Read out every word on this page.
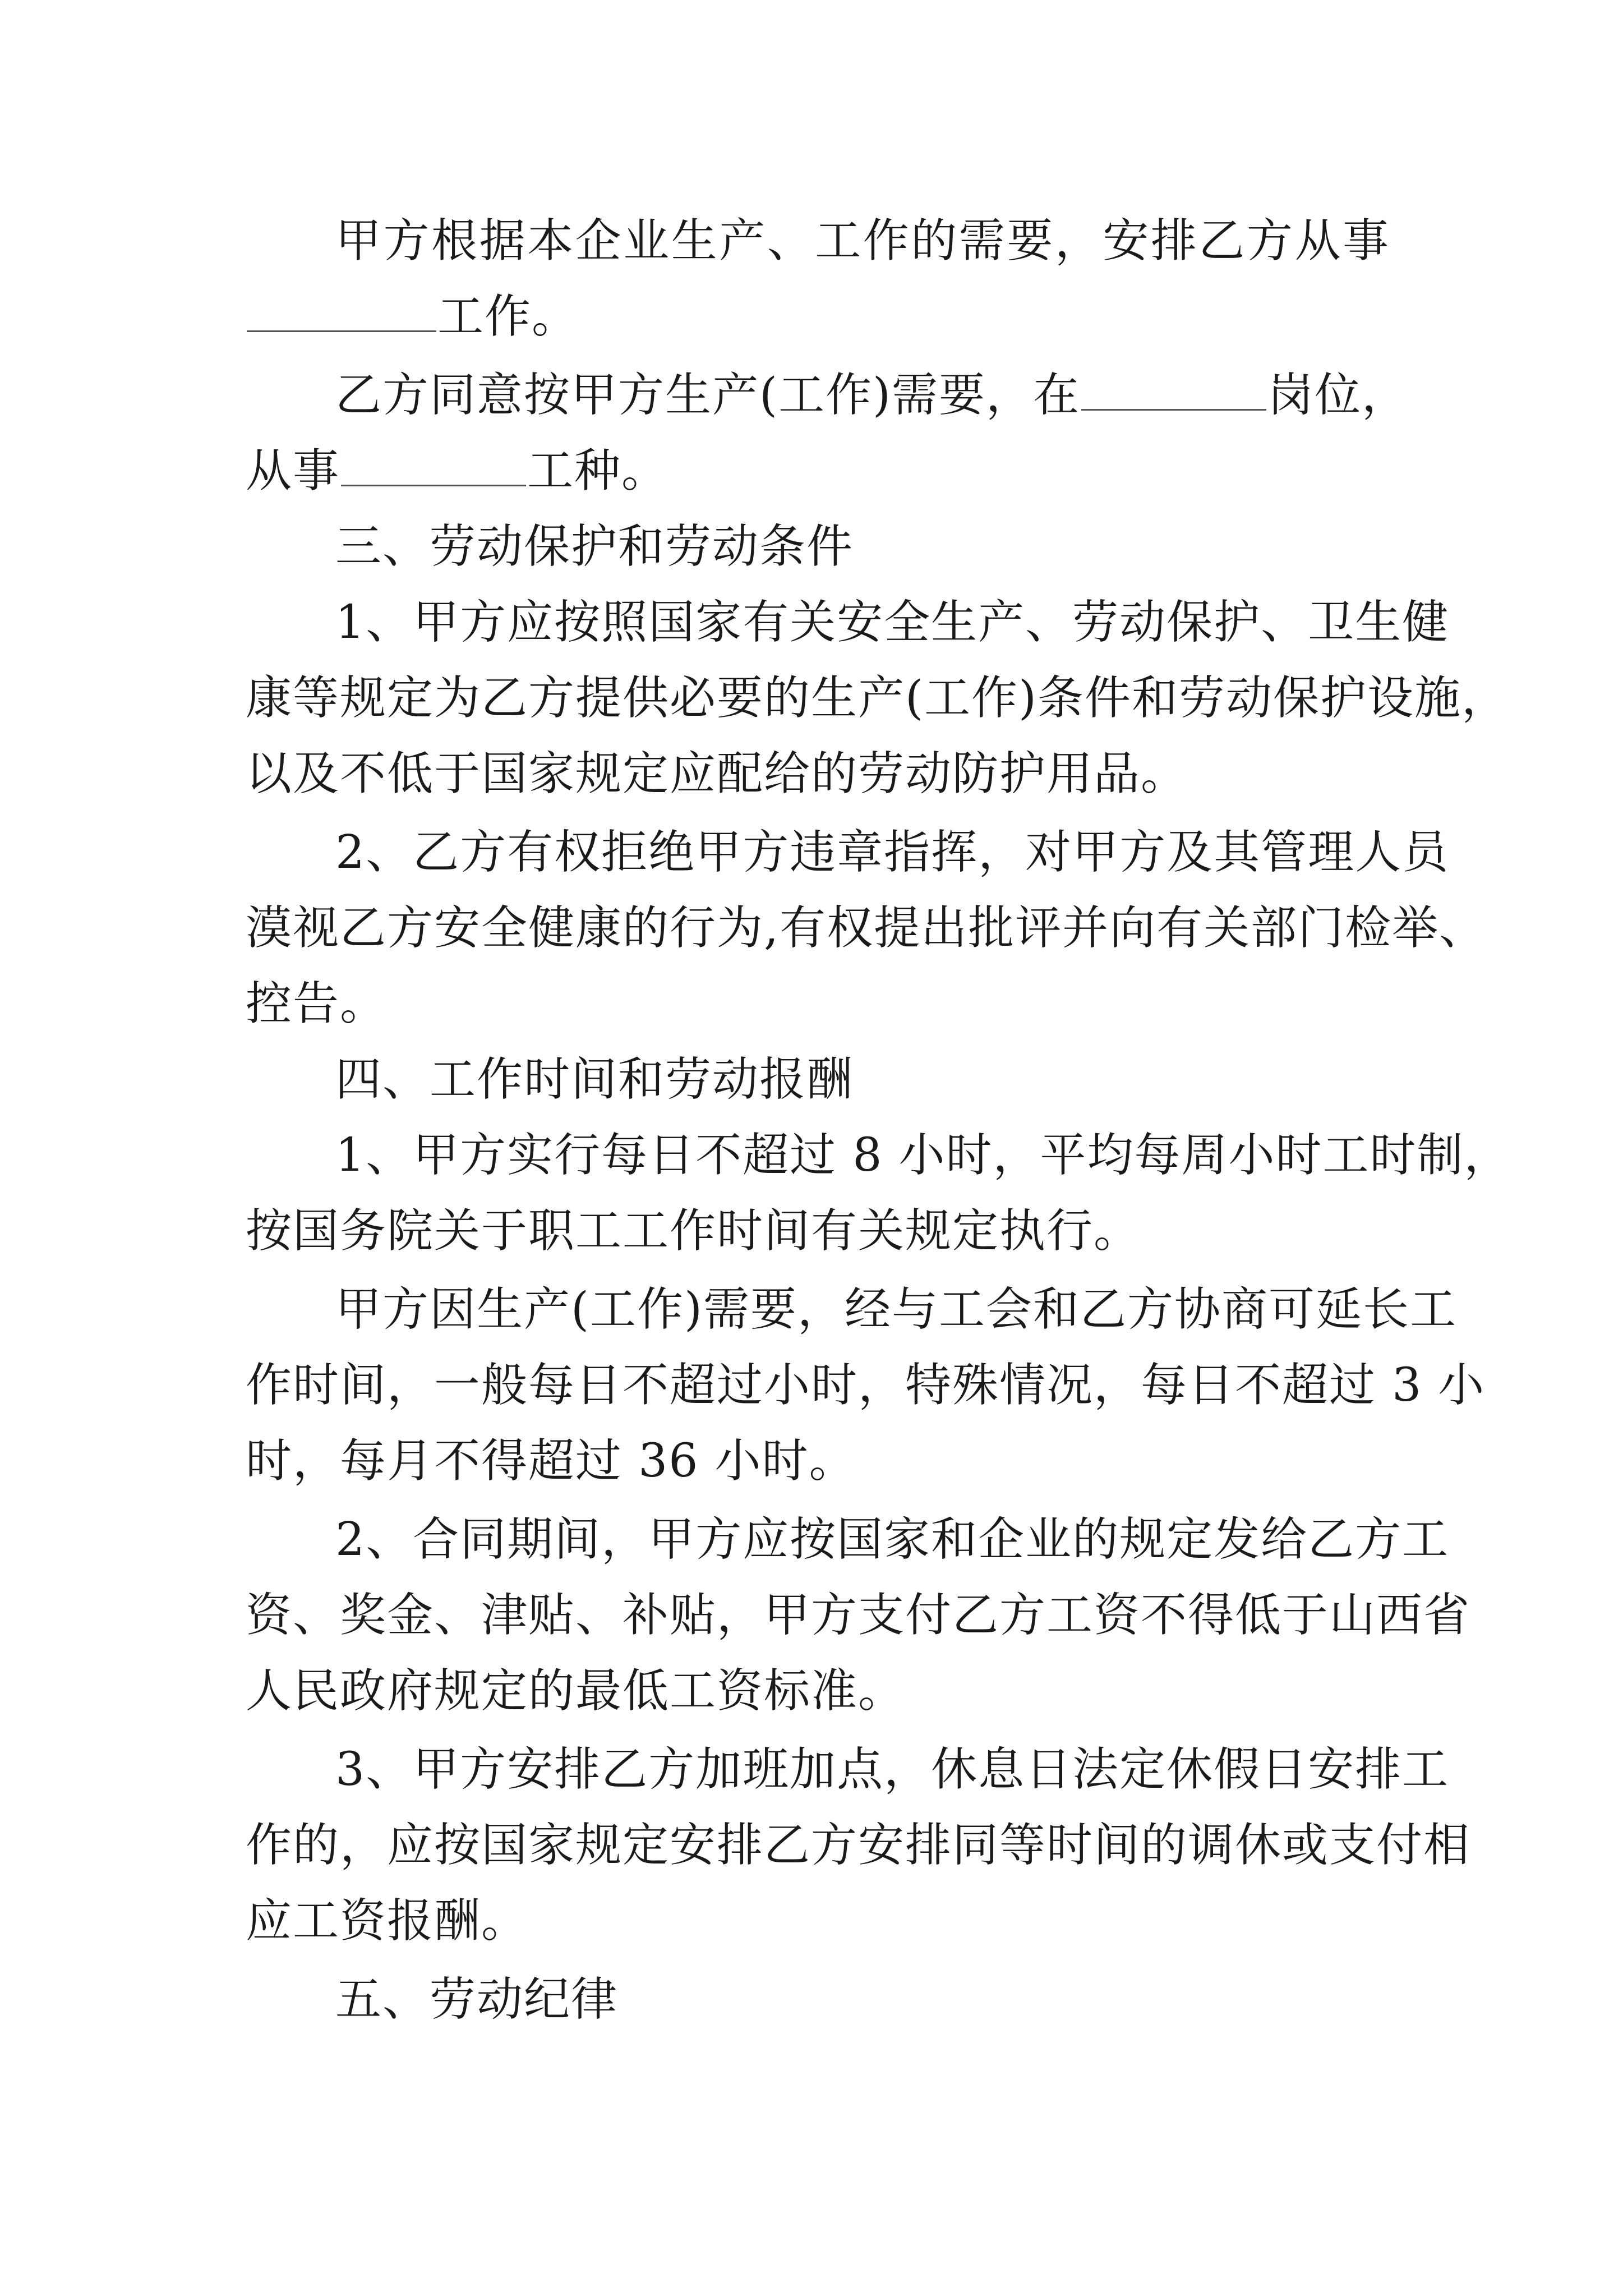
甲方根据本企业生产、工作的需要，安排乙方从事

工作。

乙方同意按甲方生产(工作)需要，在	岗位，

从事	工种。

三、劳动保护和劳动条件

1、甲方应按照国家有关安全生产、劳动保护、卫生健

康等规定为乙方提供必要的生产(工作)条件和劳动保护设施，

以及不低于国家规定应配给的劳动防护用品。

2、乙方有权拒绝甲方违章指挥，对甲方及其管理人员

漠视乙方安全健康的行为,有权提出批评并向有关部门检举、

控告。

四、工作时间和劳动报酬

1、甲方实行每日不超过 8 小时，平均每周小时工时制，

按国务院关于职工工作时间有关规定执行。

甲方因生产(工作)需要，经与工会和乙方协商可延长工

作时间，一般每日不超过小时，特殊情况，每日不超过 3 小

时，每月不得超过 36 小时。

2、合同期间，甲方应按国家和企业的规定发给乙方工

资、奖金、津贴、补贴，甲方支付乙方工资不得低于山西省

人民政府规定的最低工资标准。

3、甲方安排乙方加班加点，休息日法定休假日安排工

作的，应按国家规定安排乙方安排同等时间的调休或支付相

应工资报酬。

五、劳动纪律
